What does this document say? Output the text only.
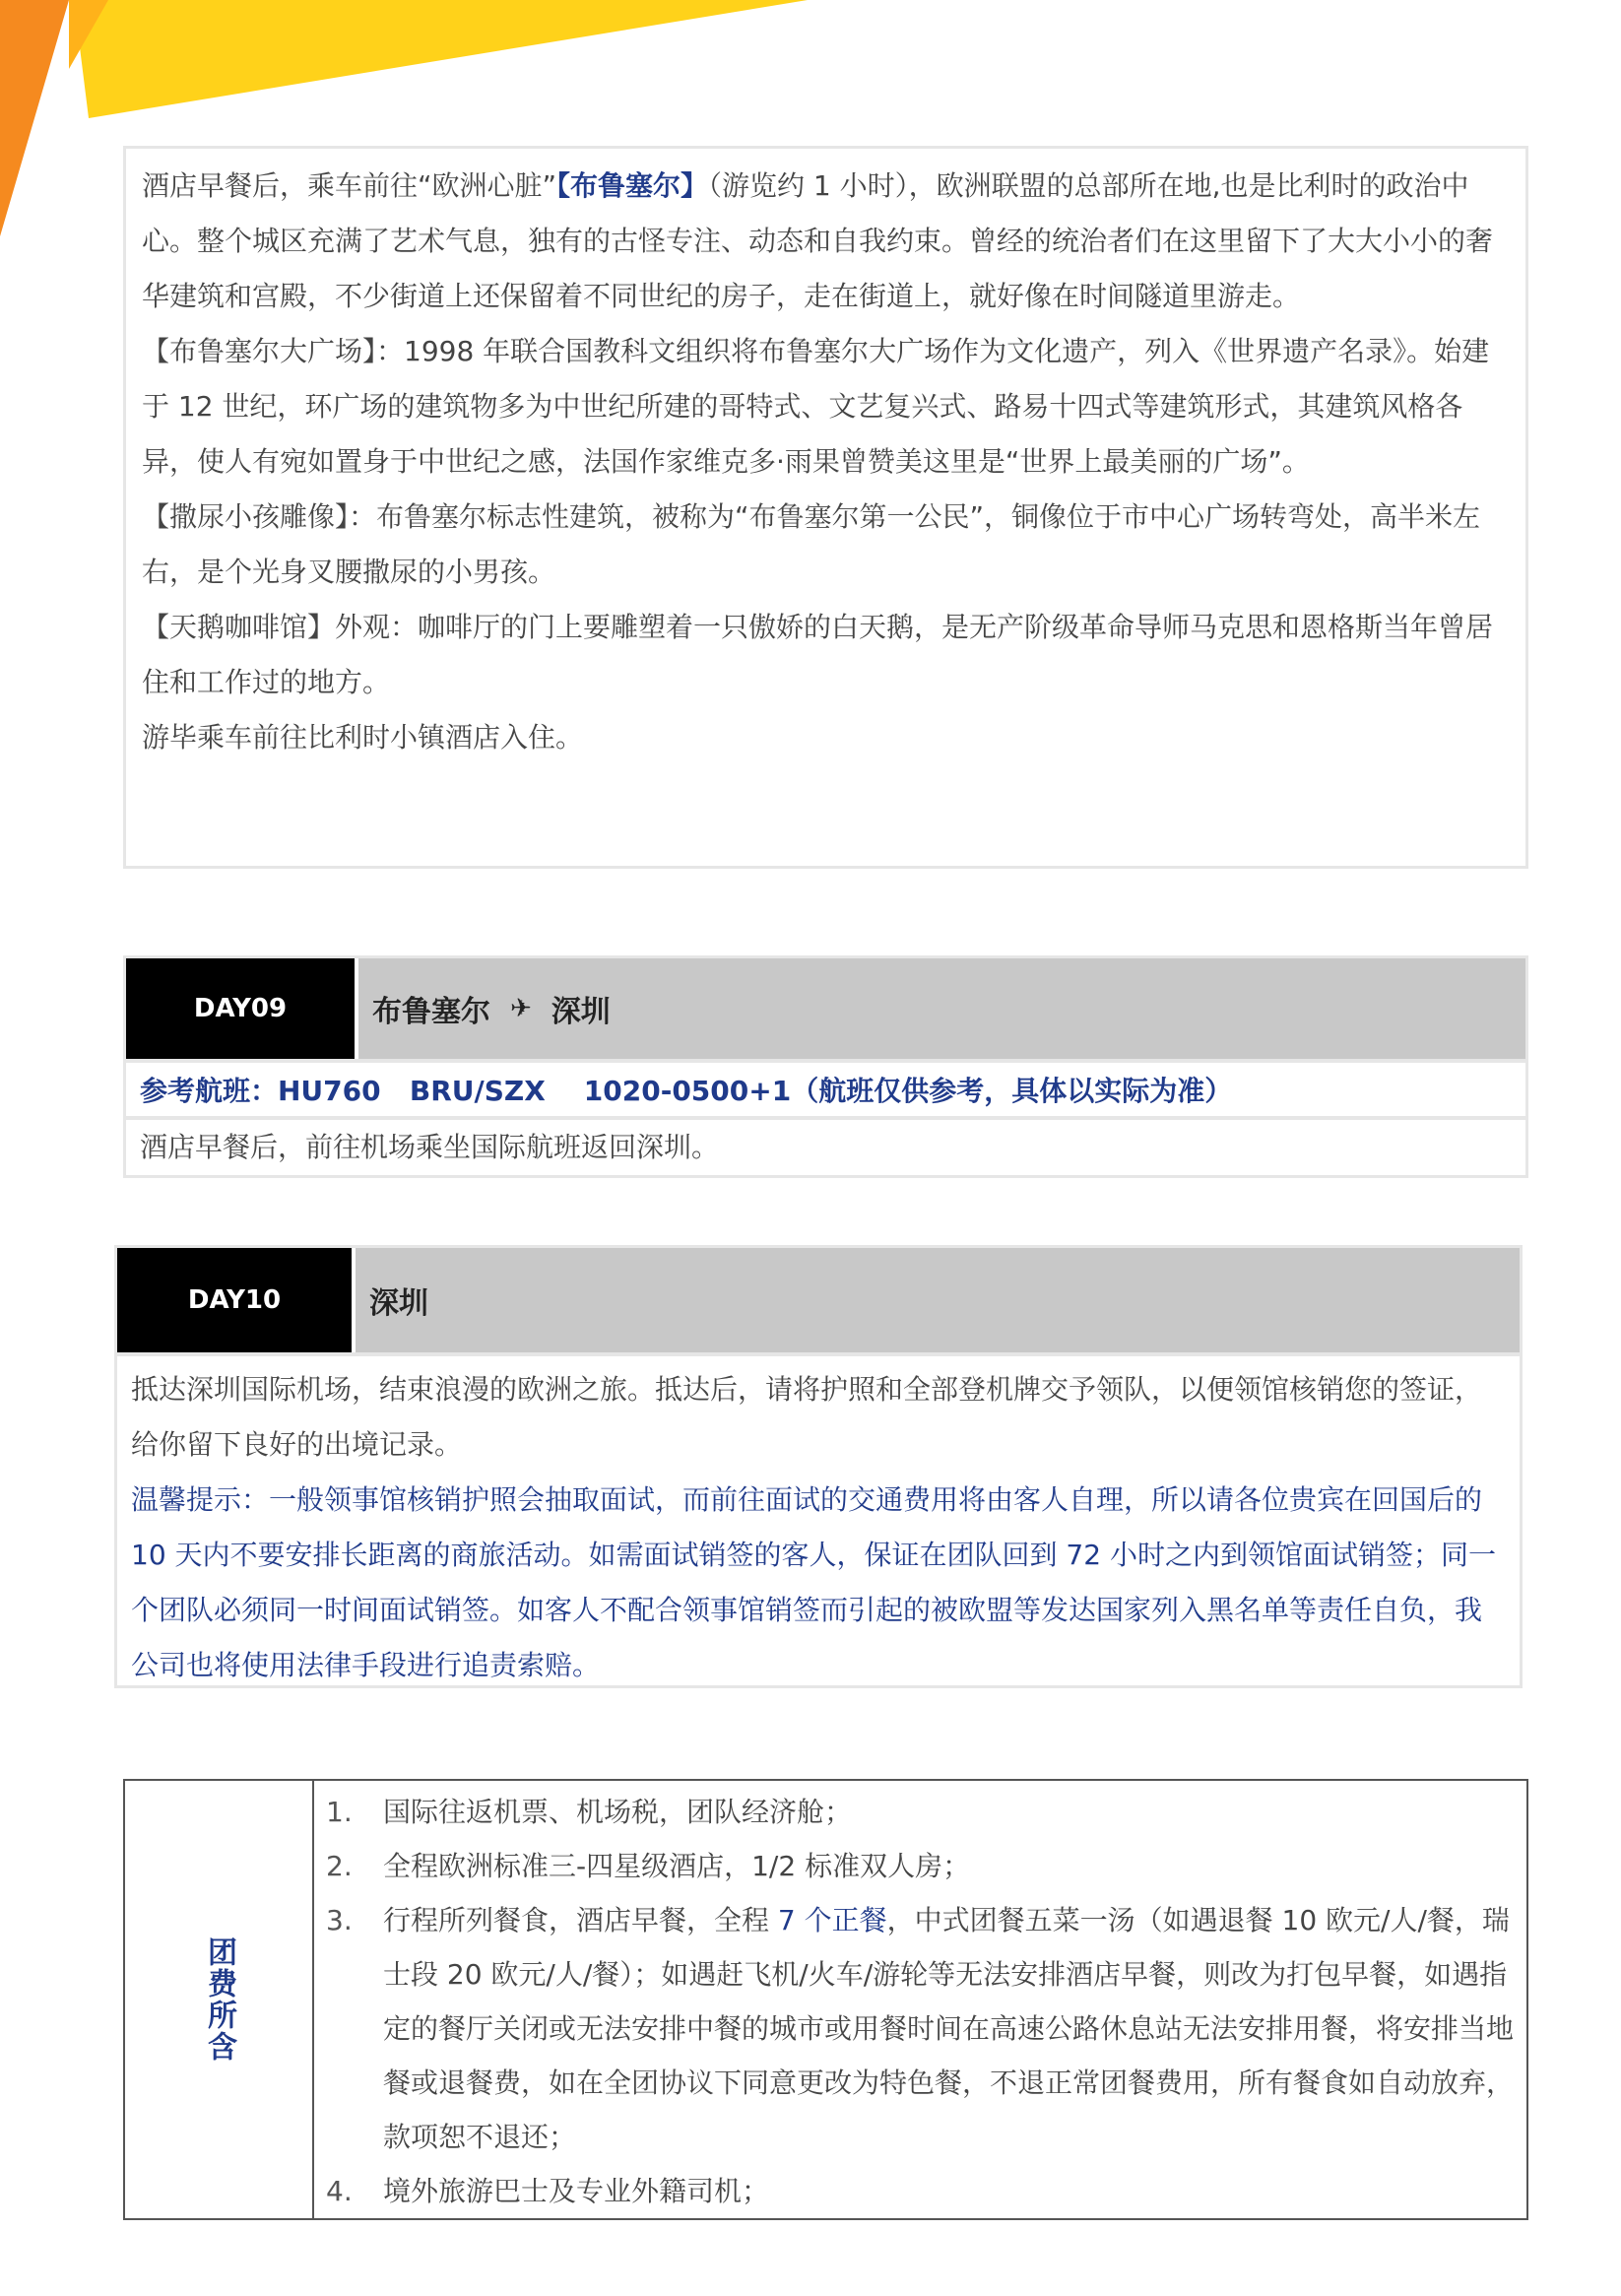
酒店早餐后，乘车前往“欧洲心脏”【布鲁塞尔】（游览约 1 小时），欧洲联盟的总部所在地,也是比利时的政治中心。整个城区充满了艺术气息，独有的古怪专注、动态和自我约束。曾经的统治者们在这里留下了大大小小的奢华建筑和宫殿，不少街道上还保留着不同世纪的房子，走在街道上，就好像在时间隧道里游走。

【布鲁塞尔大广场】：1998 年联合国教科文组织将布鲁塞尔大广场作为文化遗产，列入《世界遗产名录》。始建于 12 世纪，环广场的建筑物多为中世纪所建的哥特式、文艺复兴式、路易十四式等建筑形式，其建筑风格各异，使人有宛如置身于中世纪之感，法国作家维克多·雨果曾赞美这里是“世界上最美丽的广场”。

【撒尿小孩雕像】：布鲁塞尔标志性建筑，被称为“布鲁塞尔第一公民”，铜像位于市中心广场转弯处，高半米左右，是个光身叉腰撒尿的小男孩。

【天鹅咖啡馆】外观：咖啡厅的门上要雕塑着一只傲娇的白天鹅，是无产阶级革命导师马克思和恩格斯当年曾居住和工作过的地方。

游毕乘车前往比利时小镇酒店入住。

DAY09	布鲁塞尔 ✈ 深圳
参考航班：HU760   BRU/SZX    1020-0500+1（航班仅供参考，具体以实际为准）
酒店早餐后，前往机场乘坐国际航班返回深圳。
DAY10	深圳

抵达深圳国际机场，结束浪漫的欧洲之旅。抵达后，请将护照和全部登机牌交予领队，以便领馆核销您的签证，给你留下良好的出境记录。

温馨提示：一般领事馆核销护照会抽取面试，而前往面试的交通费用将由客人自理，所以请各位贵宾在回国后的 10 天内不要安排长距离的商旅活动。如需面试销签的客人，保证在团队回到 72 小时之内到领馆面试销签；同一个团队必须同一时间面试销签。如客人不配合领事馆销签而引起的被欧盟等发达国家列入黑名单等责任自负，我公司也将使用法律手段进行追责索赔。

团费所含
1.	国际往返机票、机场税，团队经济舱；
2.	全程欧洲标准三-四星级酒店，1/2 标准双人房；
3.	行程所列餐食，酒店早餐，全程 7 个正餐，中式团餐五菜一汤（如遇退餐 10 欧元/人/餐，瑞士段 20 欧元/人/餐）；如遇赶飞机/火车/游轮等无法安排酒店早餐，则改为打包早餐，如遇指定的餐厅关闭或无法安排中餐的城市或用餐时间在高速公路休息站无法安排用餐，将安排当地餐或退餐费，如在全团协议下同意更改为特色餐，不退正常团餐费用，所有餐食如自动放弃，款项恕不退还；
4.	境外旅游巴士及专业外籍司机；
